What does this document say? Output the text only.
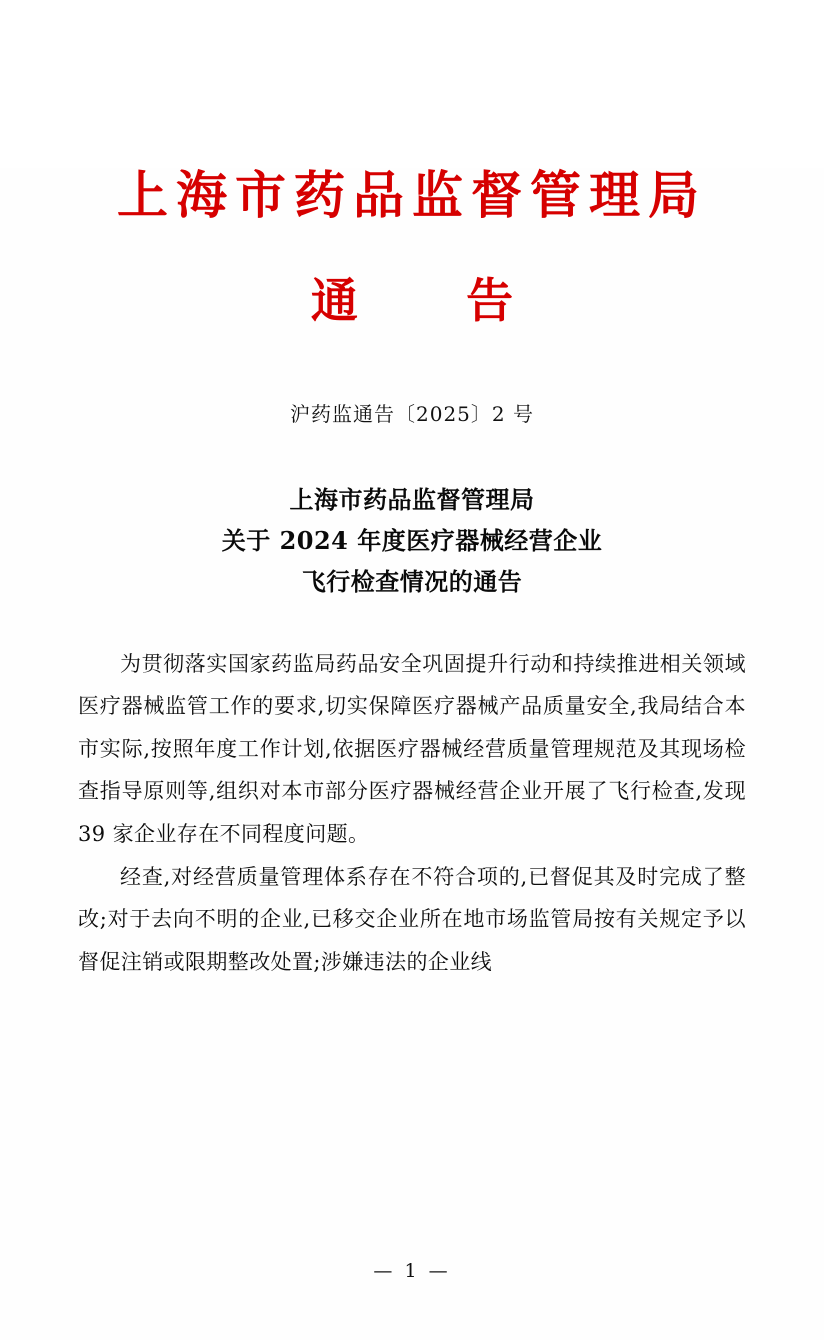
上海市药品监督管理局
通 告
沪药监通告〔2025〕2 号
上海市药品监督管理局
关于 2024 年度医疗器械经营企业
飞行检查情况的通告

为贯彻落实国家药监局药品安全巩固提升行动和持续推进相关领域医疗器械监管工作的要求,切实保障医疗器械产品质量安全,我局结合本市实际,按照年度工作计划,依据医疗器械经营质量管理规范及其现场检查指导原则等,组织对本市部分医疗器械经营企业开展了飞行检查,发现 39 家企业存在不同程度问题。

经查,对经营质量管理体系存在不符合项的,已督促其及时完成了整改;对于去向不明的企业,已移交企业所在地市场监管局按有关规定予以督促注销或限期整改处置;涉嫌违法的企业线

— 1 —
